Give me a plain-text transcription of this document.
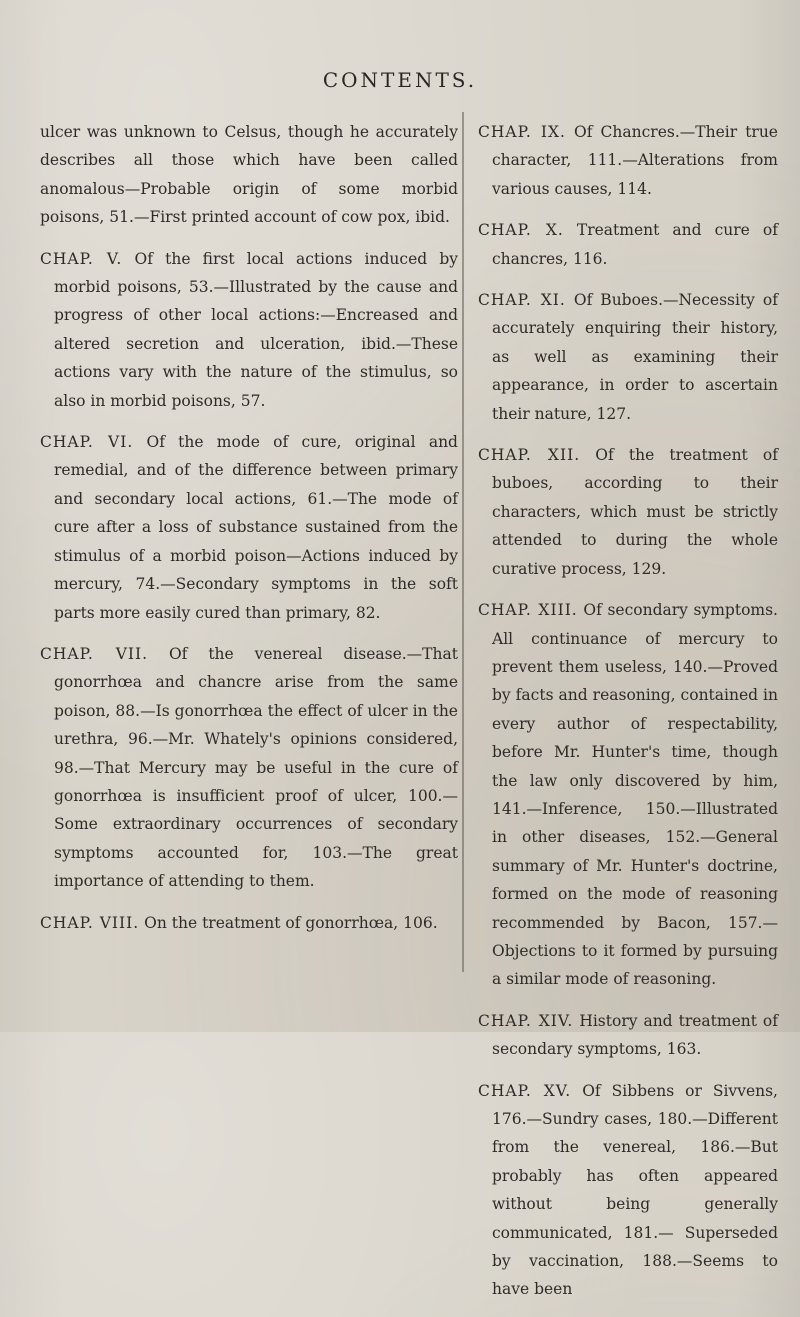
CONTENTS.

ulcer was unknown to Celsus, though he accurately describes all those which have been called anomalous—Probable origin of some morbid poisons, 51.—First printed account of cow pox, ibid.

CHAP. V. Of the first local actions induced by morbid poisons, 53.—Illustrated by the cause and progress of other local actions:—Encreased and altered secretion and ulceration, ibid.—These actions vary with the nature of the stimulus, so also in morbid poisons, 57.

CHAP. VI. Of the mode of cure, original and remedial, and of the difference between primary and secondary local actions, 61.—The mode of cure after a loss of substance sustained from the stimulus of a morbid poison—Actions induced by mercury, 74.—Secondary symptoms in the soft parts more easily cured than primary, 82.

CHAP. VII. Of the venereal disease.—That gonorrhœa and chancre arise from the same poison, 88.—Is gonorrhœa the effect of ulcer in the urethra, 96.—Mr. Whately's opinions considered, 98.—That Mercury may be useful in the cure of gonorrhœa is insufficient proof of ulcer, 100.—Some extraordinary occurrences of secondary symptoms accounted for, 103.—The great importance of attending to them.

CHAP. VIII. On the treatment of gonorrhœa, 106.

CHAP. IX. Of Chancres.—Their true character, 111.—Alterations from various causes, 114.

CHAP. X. Treatment and cure of chancres, 116.

CHAP. XI. Of Buboes.—Necessity of accurately enquiring their history, as well as examining their appearance, in order to ascertain their nature, 127.

CHAP. XII. Of the treatment of buboes, according to their characters, which must be strictly attended to during the whole curative process, 129.

CHAP. XIII. Of secondary symptoms. All continuance of mercury to prevent them useless, 140.—Proved by facts and reasoning, contained in every author of respectability, before Mr. Hunter's time, though the law only discovered by him, 141.—Inference, 150.—Illustrated in other diseases, 152.—General summary of Mr. Hunter's doctrine, formed on the mode of reasoning recommended by Bacon, 157.—Objections to it formed by pursuing a similar mode of reasoning.

CHAP. XIV. History and treatment of secondary symptoms, 163.

CHAP. XV. Of Sibbens or Sivvens, 176.—Sundry cases, 180.—Different from the venereal, 186.—But probably has often appeared without being generally communicated, 181.— Superseded by vaccination, 188.—Seems to have been
